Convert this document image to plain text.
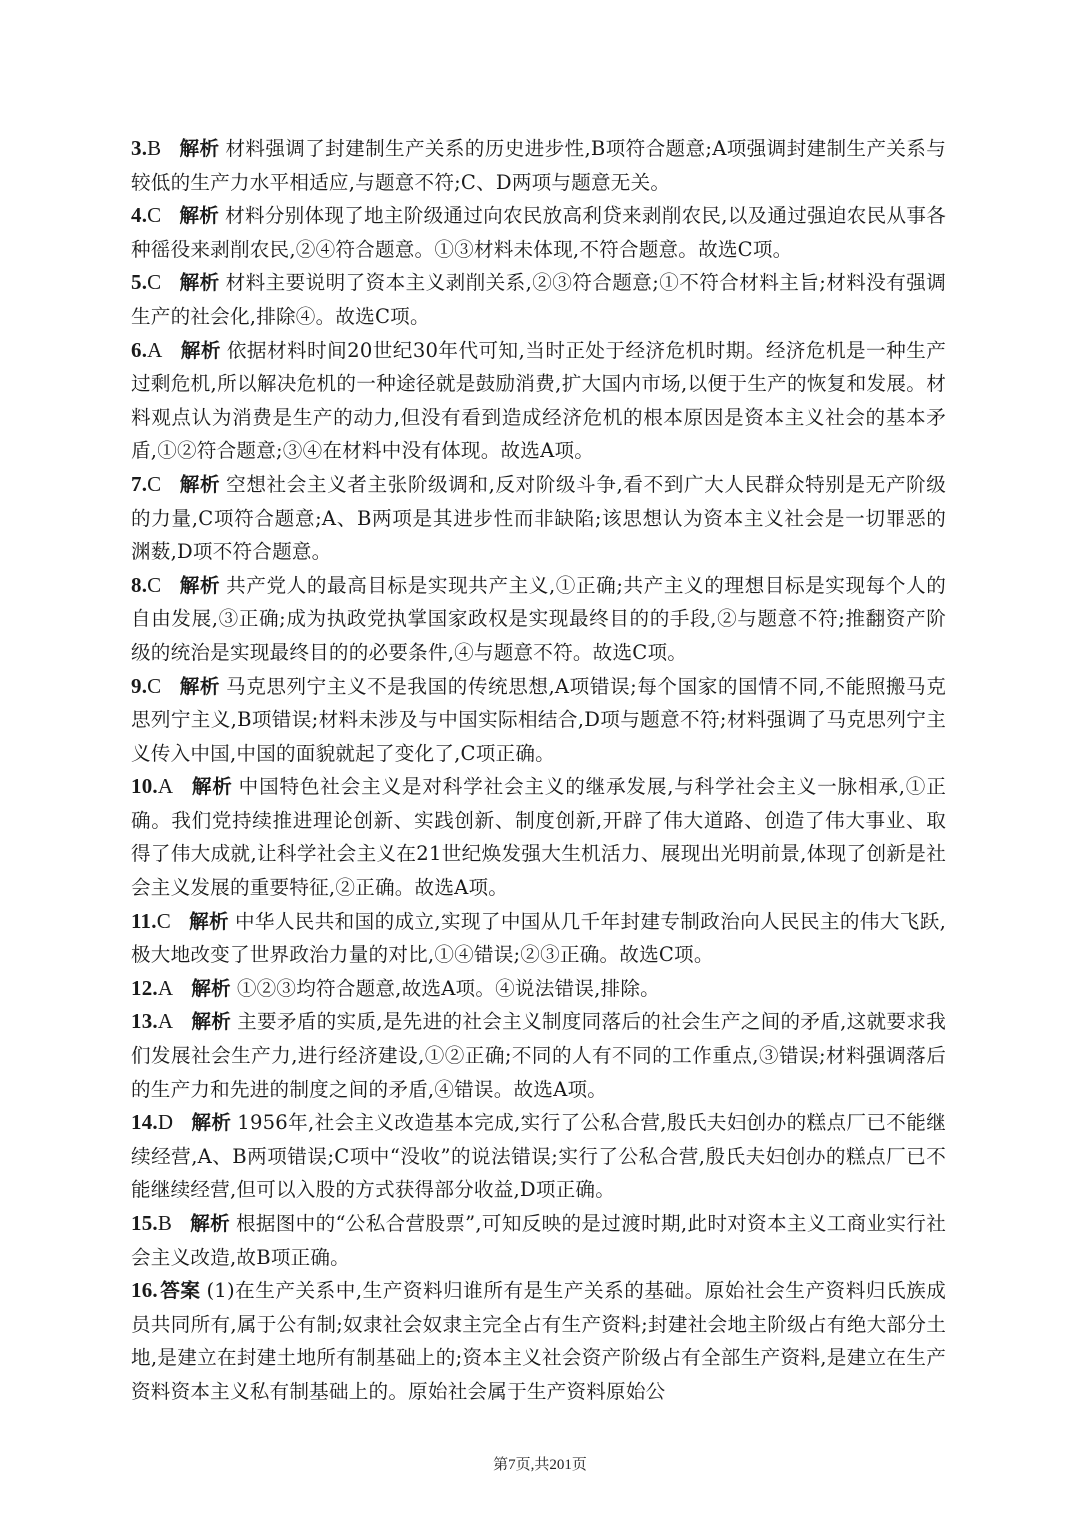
3.B 解析 材料强调了封建制生产关系的历史进步性,B项符合题意;A项强调封建制生产关系与较低的生产力水平相适应,与题意不符;C、D两项与题意无关。

4.C 解析 材料分别体现了地主阶级通过向农民放高利贷来剥削农民,以及通过强迫农民从事各种徭役来剥削农民,②④符合题意。①③材料未体现,不符合题意。故选C项。

5.C 解析 材料主要说明了资本主义剥削关系,②③符合题意;①不符合材料主旨;材料没有强调生产的社会化,排除④。故选C项。

6.A 解析 依据材料时间20世纪30年代可知,当时正处于经济危机时期。经济危机是一种生产过剩危机,所以解决危机的一种途径就是鼓励消费,扩大国内市场,以便于生产的恢复和发展。材料观点认为消费是生产的动力,但没有看到造成经济危机的根本原因是资本主义社会的基本矛盾,①②符合题意;③④在材料中没有体现。故选A项。

7.C 解析 空想社会主义者主张阶级调和,反对阶级斗争,看不到广大人民群众特别是无产阶级的力量,C项符合题意;A、B两项是其进步性而非缺陷;该思想认为资本主义社会是一切罪恶的渊薮,D项不符合题意。

8.C 解析 共产党人的最高目标是实现共产主义,①正确;共产主义的理想目标是实现每个人的自由发展,③正确;成为执政党执掌国家政权是实现最终目的的手段,②与题意不符;推翻资产阶级的统治是实现最终目的的必要条件,④与题意不符。故选C项。

9.C 解析 马克思列宁主义不是我国的传统思想,A项错误;每个国家的国情不同,不能照搬马克思列宁主义,B项错误;材料未涉及与中国实际相结合,D项与题意不符;材料强调了马克思列宁主义传入中国,中国的面貌就起了变化了,C项正确。

10.A 解析 中国特色社会主义是对科学社会主义的继承发展,与科学社会主义一脉相承,①正确。我们党持续推进理论创新、实践创新、制度创新,开辟了伟大道路、创造了伟大事业、取得了伟大成就,让科学社会主义在21世纪焕发强大生机活力、展现出光明前景,体现了创新是社会主义发展的重要特征,②正确。故选A项。

11.C 解析 中华人民共和国的成立,实现了中国从几千年封建专制政治向人民民主的伟大飞跃,极大地改变了世界政治力量的对比,①④错误;②③正确。故选C项。

12.A 解析 ①②③均符合题意,故选A项。④说法错误,排除。

13.A 解析 主要矛盾的实质,是先进的社会主义制度同落后的社会生产之间的矛盾,这就要求我们发展社会生产力,进行经济建设,①②正确;不同的人有不同的工作重点,③错误;材料强调落后的生产力和先进的制度之间的矛盾,④错误。故选A项。

14.D 解析 1956年,社会主义改造基本完成,实行了公私合营,殷氏夫妇创办的糕点厂已不能继续经营,A、B两项错误;C项中“没收”的说法错误;实行了公私合营,殷氏夫妇创办的糕点厂已不能继续经营,但可以入股的方式获得部分收益,D项正确。

15.B 解析 根据图中的“公私合营股票”,可知反映的是过渡时期,此时对资本主义工商业实行社会主义改造,故B项正确。

16. 答案 (1)在生产关系中,生产资料归谁所有是生产关系的基础。原始社会生产资料归氏族成员共同所有,属于公有制;奴隶社会奴隶主完全占有生产资料;封建社会地主阶级占有绝大部分土地,是建立在封建土地所有制基础上的;资本主义社会资产阶级占有全部生产资料,是建立在生产资料资本主义私有制基础上的。原始社会属于生产资料原始公

第7页,共201页
